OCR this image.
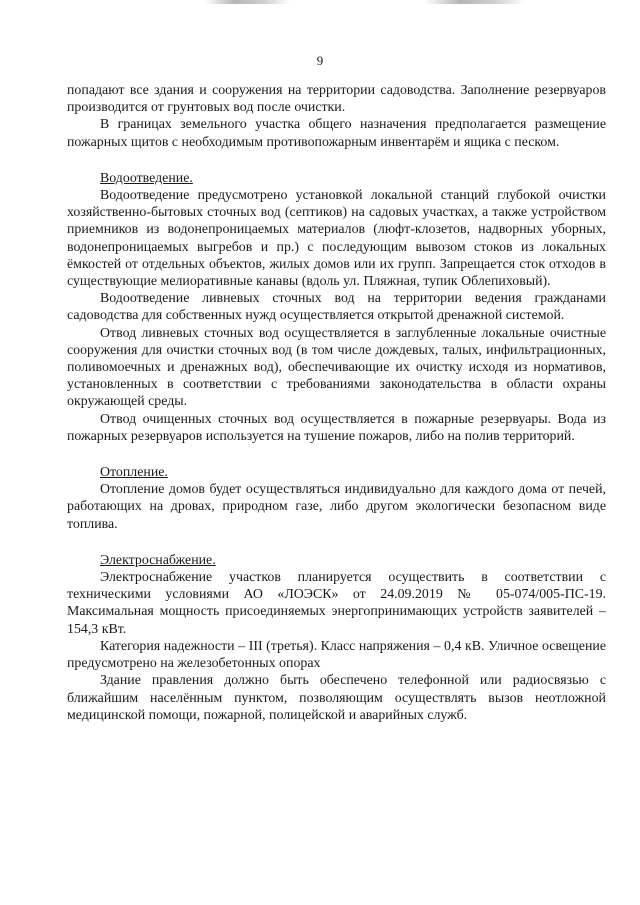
9

попадают все здания и сооружения на территории садоводства. Заполнение резервуаров производится от грунтовых вод после очистки.

В границах земельного участка общего назначения предполагается размещение пожарных щитов с необходимым противопожарным инвентарём и ящика с песком.

Водоотведение.

Водоотведение предусмотрено установкой локальной станций глубокой очистки хозяйственно-бытовых сточных вод (септиков) на садовых участках, а также устройством приемников из водонепроницаемых материалов (люфт-клозетов, надворных уборных, водонепроницаемых выгребов и пр.) с последующим вывозом стоков из локальных ёмкостей от отдельных объектов, жилых домов или их групп. Запрещается сток отходов в существующие мелиоративные канавы (вдоль ул. Пляжная, тупик Облепиховый).

Водоотведение ливневых сточных вод на территории ведения гражданами садоводства для собственных нужд осуществляется открытой дренажной системой.

Отвод ливневых сточных вод осуществляется в заглубленные локальные очистные сооружения для очистки сточных вод (в том числе дождевых, талых, инфильтрационных, поливомоечных и дренажных вод), обеспечивающие их очистку исходя из нормативов, установленных в соответствии с требованиями законодательства в области охраны окружающей среды.

Отвод очищенных сточных вод осуществляется в пожарные резервуары. Вода из пожарных резервуаров используется на тушение пожаров, либо на полив территорий.

Отопление.

Отопление домов будет осуществляться индивидуально для каждого дома от печей, работающих на дровах, природном газе, либо другом экологически безопасном виде топлива.

Электроснабжение.

Электроснабжение участков планируется осуществить в соответствии с техническими условиями АО «ЛОЭСК» от 24.09.2019 № 05-074/005-ПС-19. Максимальная мощность присоединяемых энергопринимающих устройств заявителей – 154,3 кВт.

Категория надежности – III (третья). Класс напряжения – 0,4 кВ. Уличное освещение предусмотрено на железобетонных опорах

Здание правления должно быть обеспечено телефонной или радиосвязью с ближайшим населённым пунктом, позволяющим осуществлять вызов неотложной медицинской помощи, пожарной, полицейской и аварийных служб.
